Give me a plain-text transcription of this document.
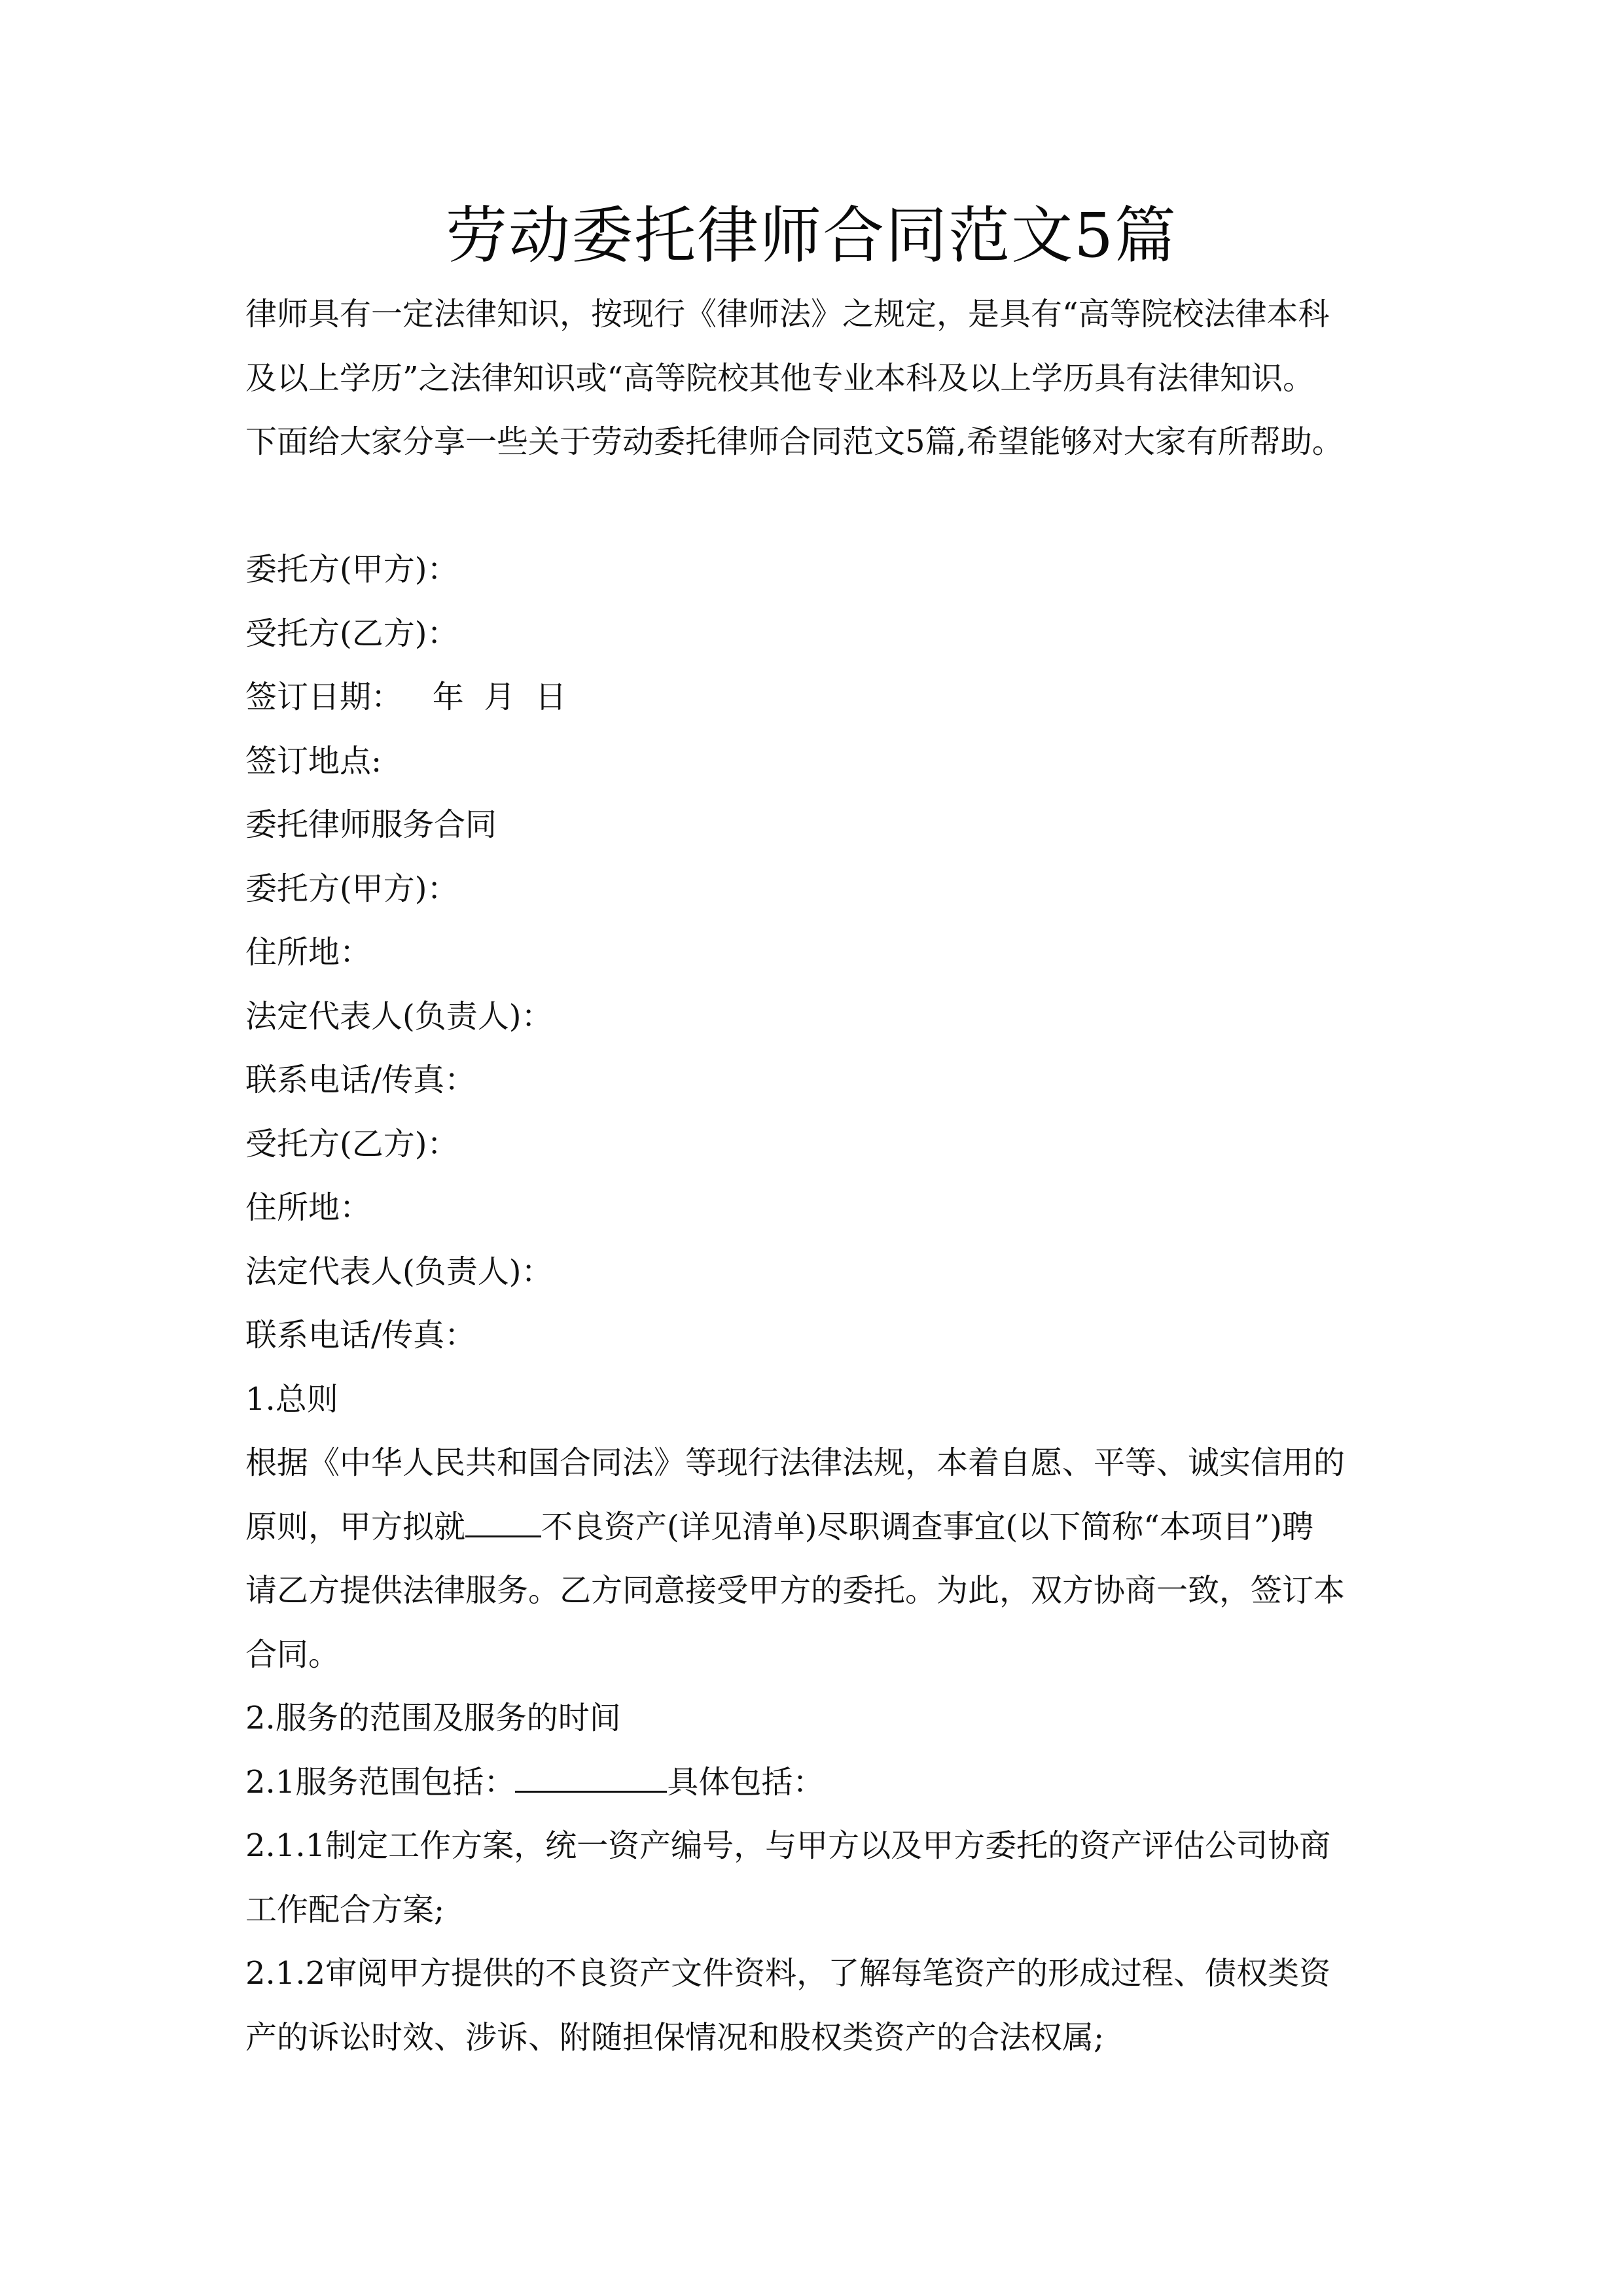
劳动委托律师合同范文5篇
律师具有一定法律知识，按现行《律师法》之规定，是具有“高等院校法律本科
及以上学历”之法律知识或“高等院校其他专业本科及以上学历具有法律知识。
下面给大家分享一些关于劳动委托律师合同范文5篇,希望能够对大家有所帮助。
委托方(甲方)：
受托方(乙方)：
签订日期：   年  月  日
签订地点:
委托律师服务合同
委托方(甲方)：
住所地：
法定代表人(负责人)：
联系电话/传真：
受托方(乙方)：
住所地：
法定代表人(负责人)：
联系电话/传真：
1.总则
根据《中华人民共和国合同法》等现行法律法规，本着自愿、平等、诚实信用的
原则，甲方拟就 不良资产(详见清单)尽职调查事宜(以下简称“本项目”)聘
请乙方提供法律服务。乙方同意接受甲方的委托。为此，双方协商一致，签订本
合同。
2.服务的范围及服务的时间
2.1服务范围包括：	具体包括：
2.1.1制定工作方案，统一资产编号，与甲方以及甲方委托的资产评估公司协商
工作配合方案;
2.1.2审阅甲方提供的不良资产文件资料，了解每笔资产的形成过程、债权类资
产的诉讼时效、涉诉、附随担保情况和股权类资产的合法权属;
